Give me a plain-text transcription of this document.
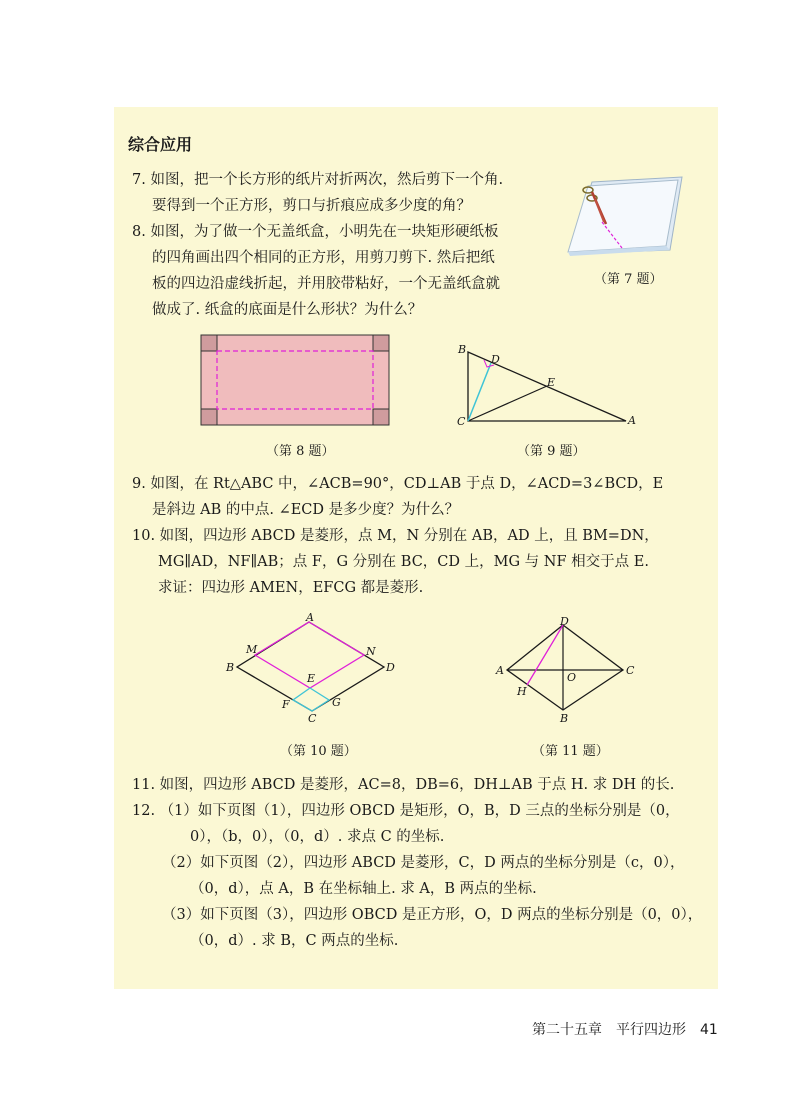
综合应用
7. 如图，把一个长方形的纸片对折两次，然后剪下一个角.
要得到一个正方形，剪口与折痕应成多少度的角？
8. 如图，为了做一个无盖纸盒，小明先在一块矩形硬纸板
的四角画出四个相同的正方形，用剪刀剪下. 然后把纸
板的四边沿虚线折起，并用胶带粘好，一个无盖纸盒就
做成了. 纸盒的底面是什么形状？为什么？
（第 7 题）
（第 8 题）
B
D
E
C	A
（第 9 题）
9. 如图，在 Rt△ABC 中，∠ACB=90°，CD⊥AB 于点 D，∠ACD=3∠BCD，E
是斜边 AB 的中点. ∠ECD 是多少度？为什么？
10. 如图，四边形 ABCD 是菱形，点 M，N 分别在 AB，AD 上，且 BM=DN，
MG∥AD，NF∥AB；点 F，G 分别在 BC，CD 上，MG 与 NF 相交于点 E.
求证：四边形 AMEN，EFCG 都是菱形.
A
B	D
C
M	N
E
F	G
（第 10 题）
D
A	C
B
O
H
（第 11 题）
11. 如图，四边形 ABCD 是菱形，AC=8，DB=6，DH⊥AB 于点 H. 求 DH 的长.
12. （1）如下页图（1），四边形 OBCD 是矩形，O，B，D 三点的坐标分别是（0，
0），（b，0），（0，d）. 求点 C 的坐标.
（2）如下页图（2），四边形 ABCD 是菱形，C，D 两点的坐标分别是（c，0），
（0，d），点 A，B 在坐标轴上. 求 A，B 两点的坐标.
（3）如下页图（3），四边形 OBCD 是正方形，O，D 两点的坐标分别是（0，0），
（0，d）. 求 B，C 两点的坐标.
第二十五章　平行四边形 41
